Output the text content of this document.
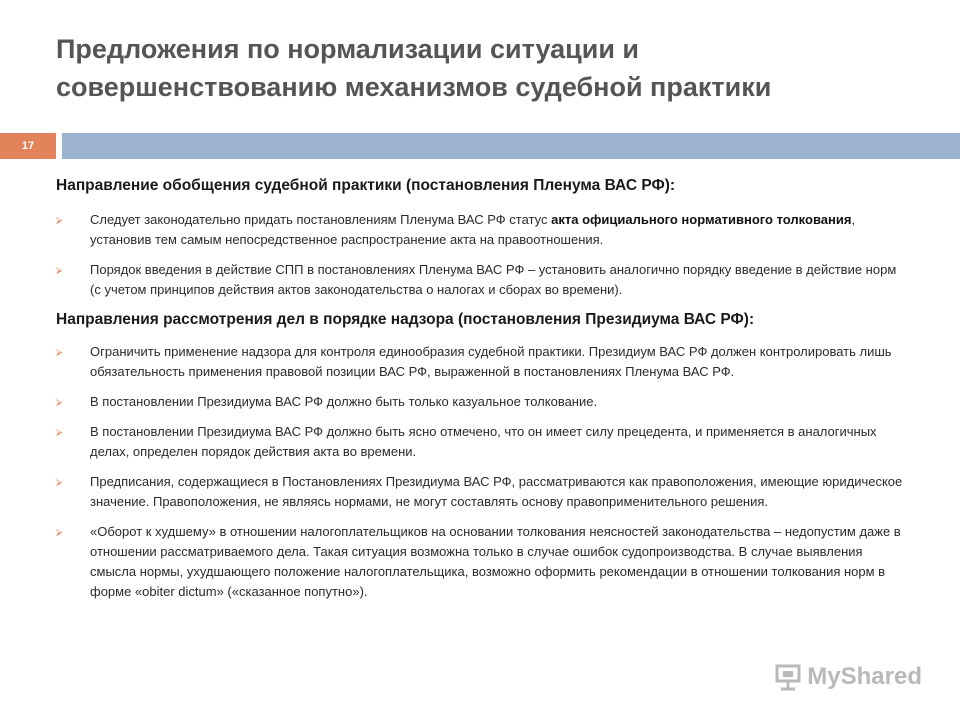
Предложения по нормализации ситуации и
совершенствованию механизмов судебной практики
17

Направление обобщения судебной практики (постановления Пленума ВАС РФ):

⮚ Следует законодательно придать постановлениям Пленума ВАС РФ статус акта официального нормативного толкования, установив тем самым непосредственное распространение акта на правоотношения.
⮚ Порядок введения в действие СПП в постановлениях Пленума ВАС РФ – установить аналогично порядку введение в действие норм (с учетом принципов действия актов законодательства о налогах и сборах во времени).

Направления рассмотрения дел в порядке надзора (постановления Президиума ВАС РФ):

⮚ Ограничить применение надзора для контроля единообразия судебной практики. Президиум ВАС РФ должен контролировать лишь обязательность применения правовой позиции ВАС РФ, выраженной в постановлениях Пленума ВАС РФ.
⮚ В постановлении Президиума ВАС РФ должно быть только казуальное толкование.
⮚ В постановлении Президиума ВАС РФ должно быть ясно отмечено, что он имеет силу прецедента, и применяется в аналогичных делах, определен порядок действия акта во времени.
⮚ Предписания, содержащиеся в Постановлениях Президиума ВАС РФ, рассматриваются как правоположения, имеющие юридическое значение. Правоположения, не являясь нормами, не могут составлять основу правоприменительного решения.
⮚ «Оборот к худшему» в отношении налогоплательщиков на основании толкования неясностей законодательства – недопустим даже в отношении рассматриваемого дела. Такая ситуация возможна только в случае ошибок судопроизводства. В случае выявления смысла нормы, ухудшающего положение налогоплательщика, возможно оформить рекомендации в отношении толкования норм в форме «obiter dictum» («сказанное попутно»).
MyShared
